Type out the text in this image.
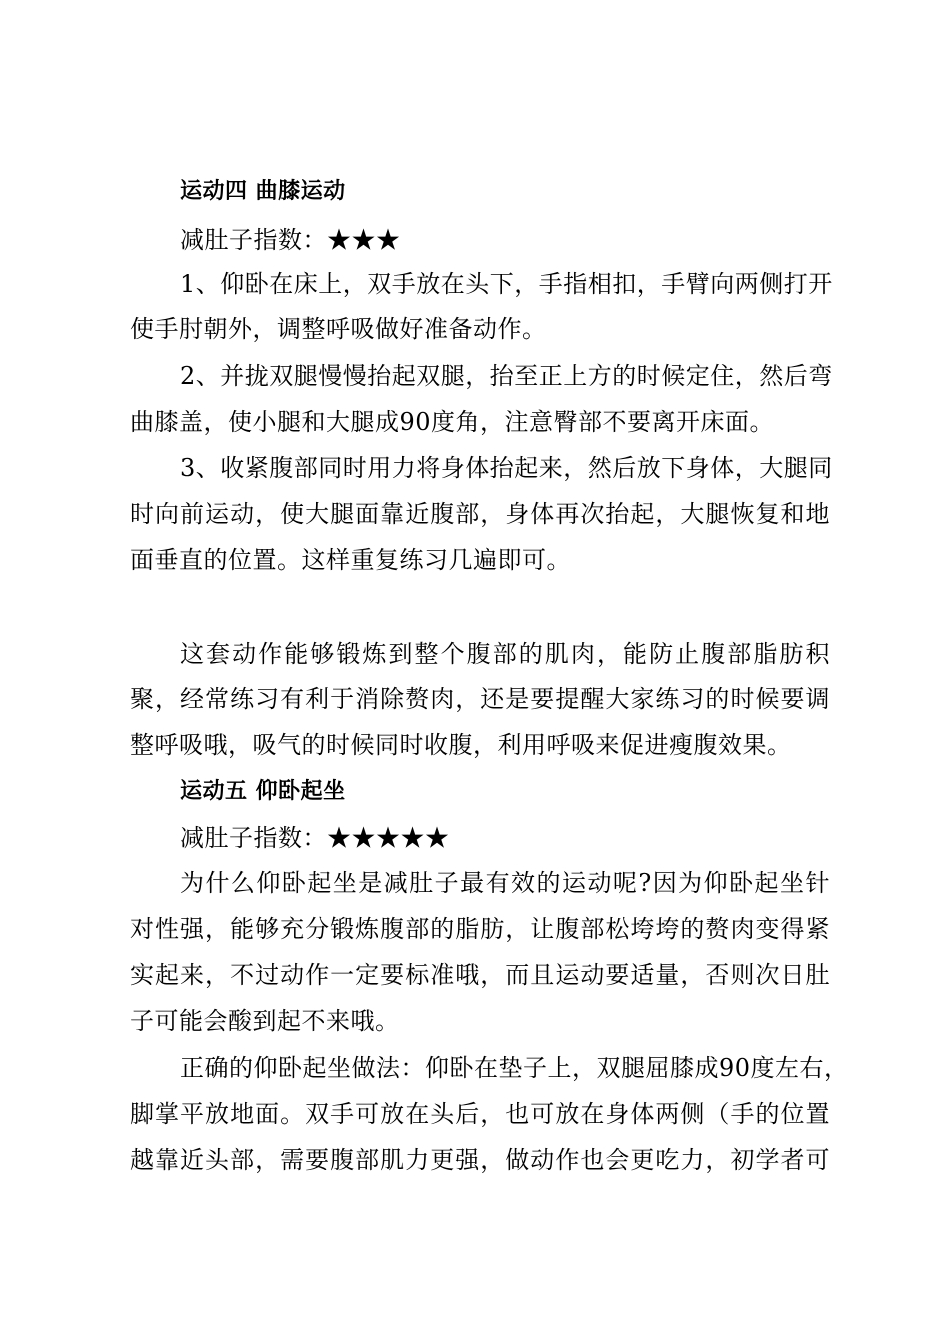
运动四 曲膝运动
减肚子指数：★★★
1、仰卧在床上，双手放在头下，手指相扣，手臂向两侧打开
使手肘朝外，调整呼吸做好准备动作。
2、并拢双腿慢慢抬起双腿，抬至正上方的时候定住，然后弯
曲膝盖，使小腿和大腿成90度角，注意臀部不要离开床面。
3、收紧腹部同时用力将身体抬起来，然后放下身体，大腿同
时向前运动，使大腿面靠近腹部，身体再次抬起，大腿恢复和地
面垂直的位置。这样重复练习几遍即可。
这套动作能够锻炼到整个腹部的肌肉，能防止腹部脂肪积
聚，经常练习有利于消除赘肉，还是要提醒大家练习的时候要调
整呼吸哦，吸气的时候同时收腹，利用呼吸来促进瘦腹效果。
运动五 仰卧起坐
减肚子指数：★★★★★
为什么仰卧起坐是减肚子最有效的运动呢?因为仰卧起坐针
对性强，能够充分锻炼腹部的脂肪，让腹部松垮垮的赘肉变得紧
实起来，不过动作一定要标准哦，而且运动要适量，否则次日肚
子可能会酸到起不来哦。
正确的仰卧起坐做法：仰卧在垫子上，双腿屈膝成90度左右，
脚掌平放地面。双手可放在头后，也可放在身体两侧（手的位置
越靠近头部，需要腹部肌力更强，做动作也会更吃力，初学者可
